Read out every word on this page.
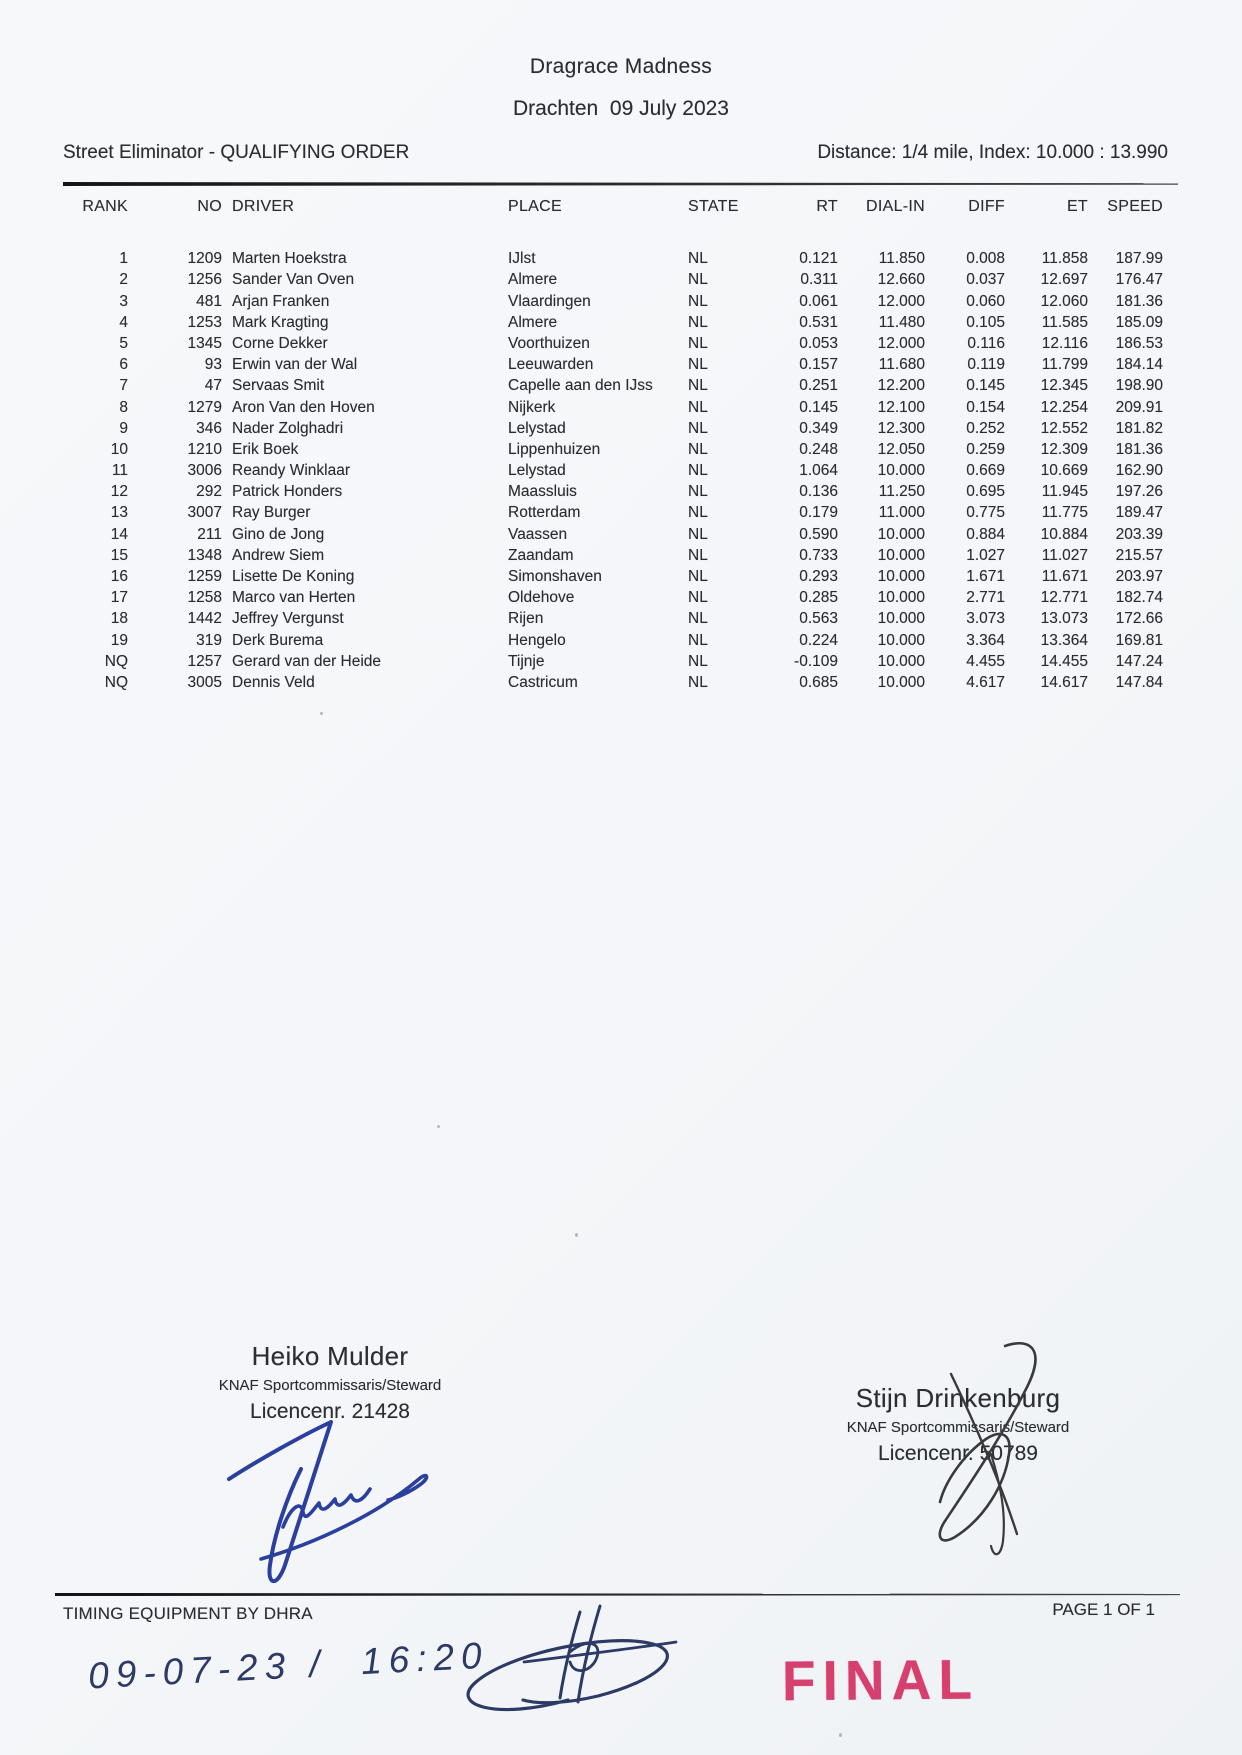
Dragrace Madness
Drachten  09 July 2023
Street Eliminator - QUALIFYING ORDER	Distance: 1/4 mile, Index: 10.000 : 13.990
RANK	NO DRIVER	PLACE	STATE	RT	DIAL-IN	DIFF	ET	SPEED
1	1209 Marten Hoekstra	IJlst	NL	0.121	11.850	0.008	11.858	187.99
2	1256 Sander Van Oven	Almere	NL	0.311	12.660	0.037	12.697	176.47
3	481 Arjan Franken	Vlaardingen	NL	0.061	12.000	0.060	12.060	181.36
4	1253 Mark Kragting	Almere	NL	0.531	11.480	0.105	11.585	185.09
5	1345 Corne Dekker	Voorthuizen	NL	0.053	12.000	0.116	12.116	186.53
6	93 Erwin van der Wal	Leeuwarden	NL	0.157	11.680	0.119	11.799	184.14
7	47 Servaas Smit	Capelle aan den IJss	NL	0.251	12.200	0.145	12.345	198.90
8	1279 Aron Van den Hoven	Nijkerk	NL	0.145	12.100	0.154	12.254	209.91
9	346 Nader Zolghadri	Lelystad	NL	0.349	12.300	0.252	12.552	181.82
10	1210 Erik Boek	Lippenhuizen	NL	0.248	12.050	0.259	12.309	181.36
11	3006 Reandy Winklaar	Lelystad	NL	1.064	10.000	0.669	10.669	162.90
12	292 Patrick Honders	Maassluis	NL	0.136	11.250	0.695	11.945	197.26
13	3007 Ray Burger	Rotterdam	NL	0.179	11.000	0.775	11.775	189.47
14	211 Gino de Jong	Vaassen	NL	0.590	10.000	0.884	10.884	203.39
15	1348 Andrew Siem	Zaandam	NL	0.733	10.000	1.027	11.027	215.57
16	1259 Lisette De Koning	Simonshaven	NL	0.293	10.000	1.671	11.671	203.97
17	1258 Marco van Herten	Oldehove	NL	0.285	10.000	2.771	12.771	182.74
18	1442 Jeffrey Vergunst	Rijen	NL	0.563	10.000	3.073	13.073	172.66
19	319 Derk Burema	Hengelo	NL	0.224	10.000	3.364	13.364	169.81
NQ	1257 Gerard van der Heide	Tijnje	NL	-0.109	10.000	4.455	14.455	147.24
NQ	3005 Dennis Veld	Castricum	NL	0.685	10.000	4.617	14.617	147.84
Heiko Mulder
KNAF Sportcommissaris/Steward
Licencenr. 21428	Stijn Drinkenburg
KNAF Sportcommissaris/Steward
Licencenr. 50789
TIMING EQUIPMENT BY DHRA	PAGE 1 OF 1
09-07-23 /  16:20	FINAL
